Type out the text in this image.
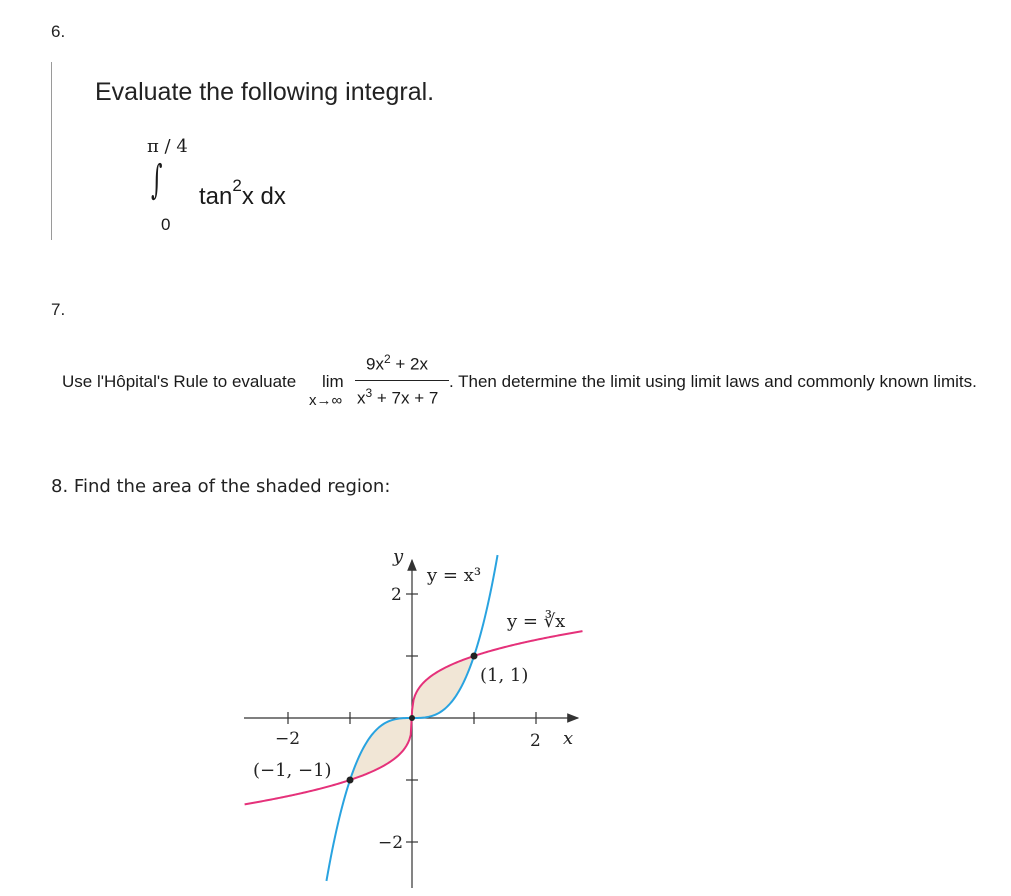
6.
Evaluate the following integral.
π / 4
∫ $\tan^2x$ dx
0
7.
Use l'Hôpital's Rule to evaluate lim
x→∞
$9x^2 + 2x$
$x^3 + 7x + 7$
. Then determine the limit using limit laws and commonly known limits.
8. Find the area of the shaded region:
y
x
2
−2
2
−2
y = x³
y = ∛x
(1, 1)
(−1, −1)
